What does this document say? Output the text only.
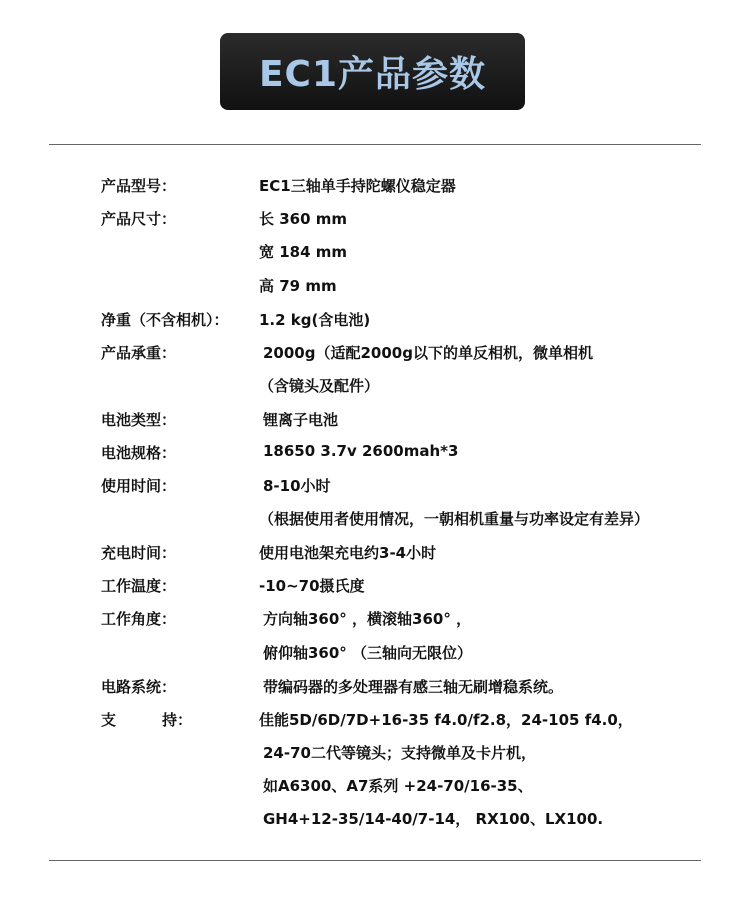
EC1产品参数
产品型号：	EC1三轴单手持陀螺仪稳定器
产品尺寸：	长 360 mm
宽 184 mm
高 79 mm
净重（不含相机）： 1.2 kg(含电池)
产品承重：	2000g（适配2000g以下的单反相机，微单相机
（含镜头及配件）
电池类型：	锂离子电池
电池规格：	18650 3.7v 2600mah*3
使用时间：	8-10小时
（根据使用者使用情况，一朝相机重量与功率设定有差异）
充电时间：	使用电池架充电约3-4小时
工作温度：	-10~70摄氏度
工作角度：	方向轴360° ，横滚轴360° ，
俯仰轴360° （三轴向无限位）
电路系统：	带编码器的多处理器有感三轴无刷增稳系统。
支	持：	佳能5D/6D/7D+16-35 f4.0/f2.8，24-105 f4.0，
24-70二代等镜头；支持微单及卡片机，
如A6300、A7系列 +24-70/16-35、
GH4+12-35/14-40/7-14， RX100、LX100.
